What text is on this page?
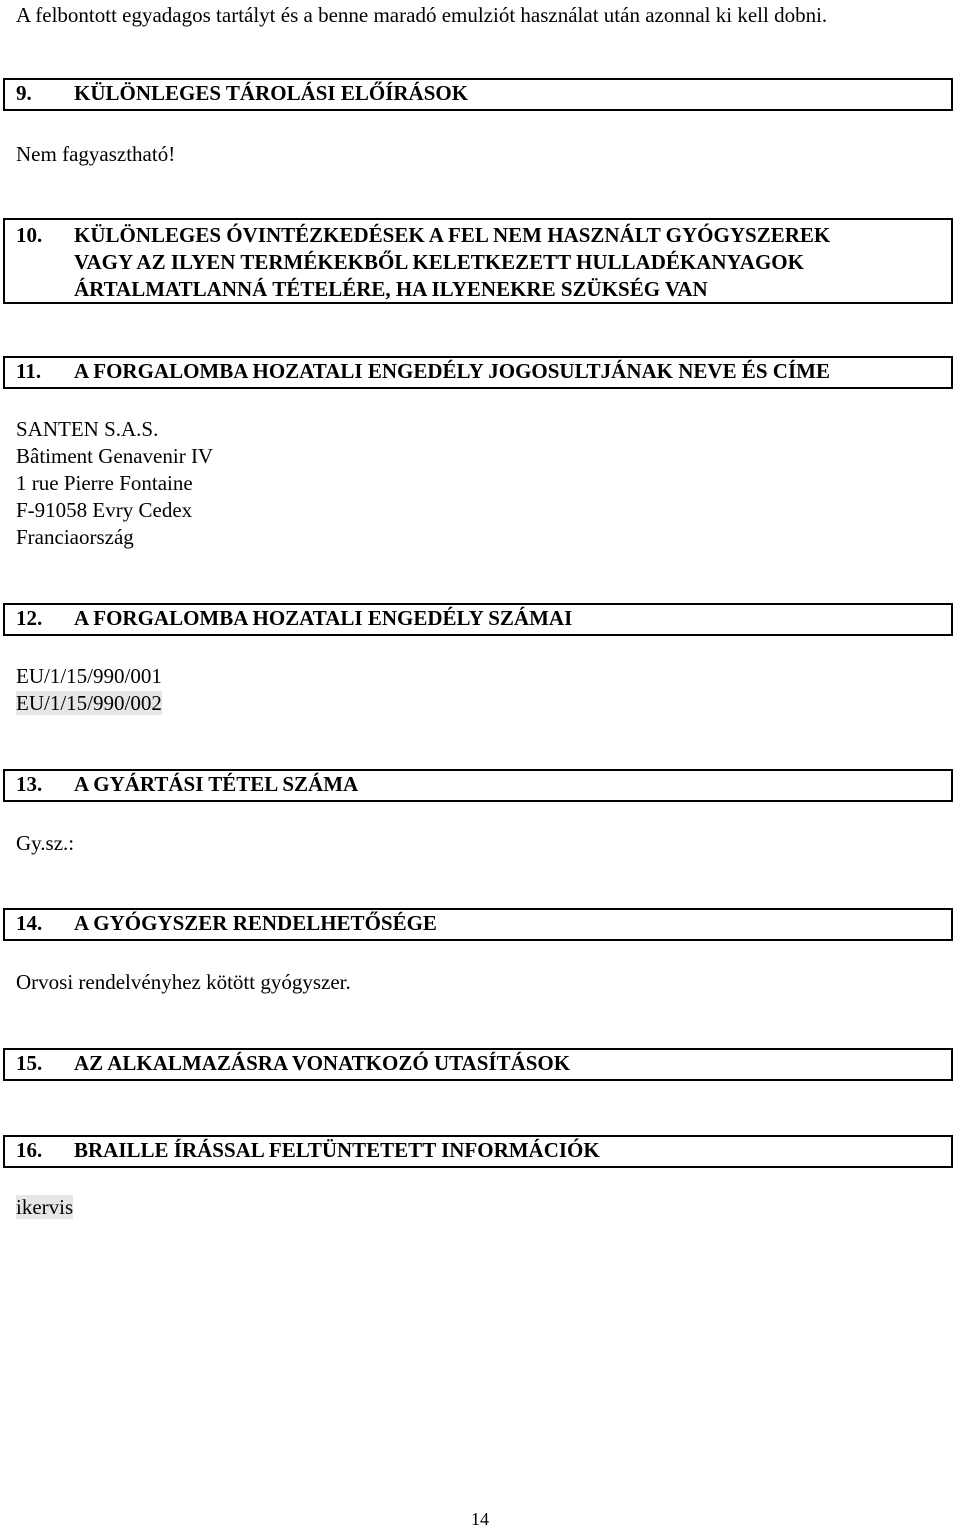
A felbontott egyadagos tartályt és a benne maradó emulziót használat után azonnal ki kell dobni.
9. KÜLÖNLEGES TÁROLÁSI ELŐÍRÁSOK
Nem fagyasztható!
10. KÜLÖNLEGES ÓVINTÉZKEDÉSEK A FEL NEM HASZNÁLT GYÓGYSZEREK
VAGY AZ ILYEN TERMÉKEKBŐL KELETKEZETT HULLADÉKANYAGOK
ÁRTALMATLANNÁ TÉTELÉRE, HA ILYENEKRE SZÜKSÉG VAN
11. A FORGALOMBA HOZATALI ENGEDÉLY JOGOSULTJÁNAK NEVE ÉS CÍME
SANTEN S.A.S.
Bâtiment Genavenir IV
1 rue Pierre Fontaine
F-91058 Evry Cedex
Franciaország
12. A FORGALOMBA HOZATALI ENGEDÉLY SZÁMAI
EU/1/15/990/001
EU/1/15/990/002
13. A GYÁRTÁSI TÉTEL SZÁMA
Gy.sz.:
14. A GYÓGYSZER RENDELHETŐSÉGE
Orvosi rendelvényhez kötött gyógyszer.
15. AZ ALKALMAZÁSRA VONATKOZÓ UTASÍTÁSOK
16. BRAILLE ÍRÁSSAL FELTÜNTETETT INFORMÁCIÓK
ikervis
14
